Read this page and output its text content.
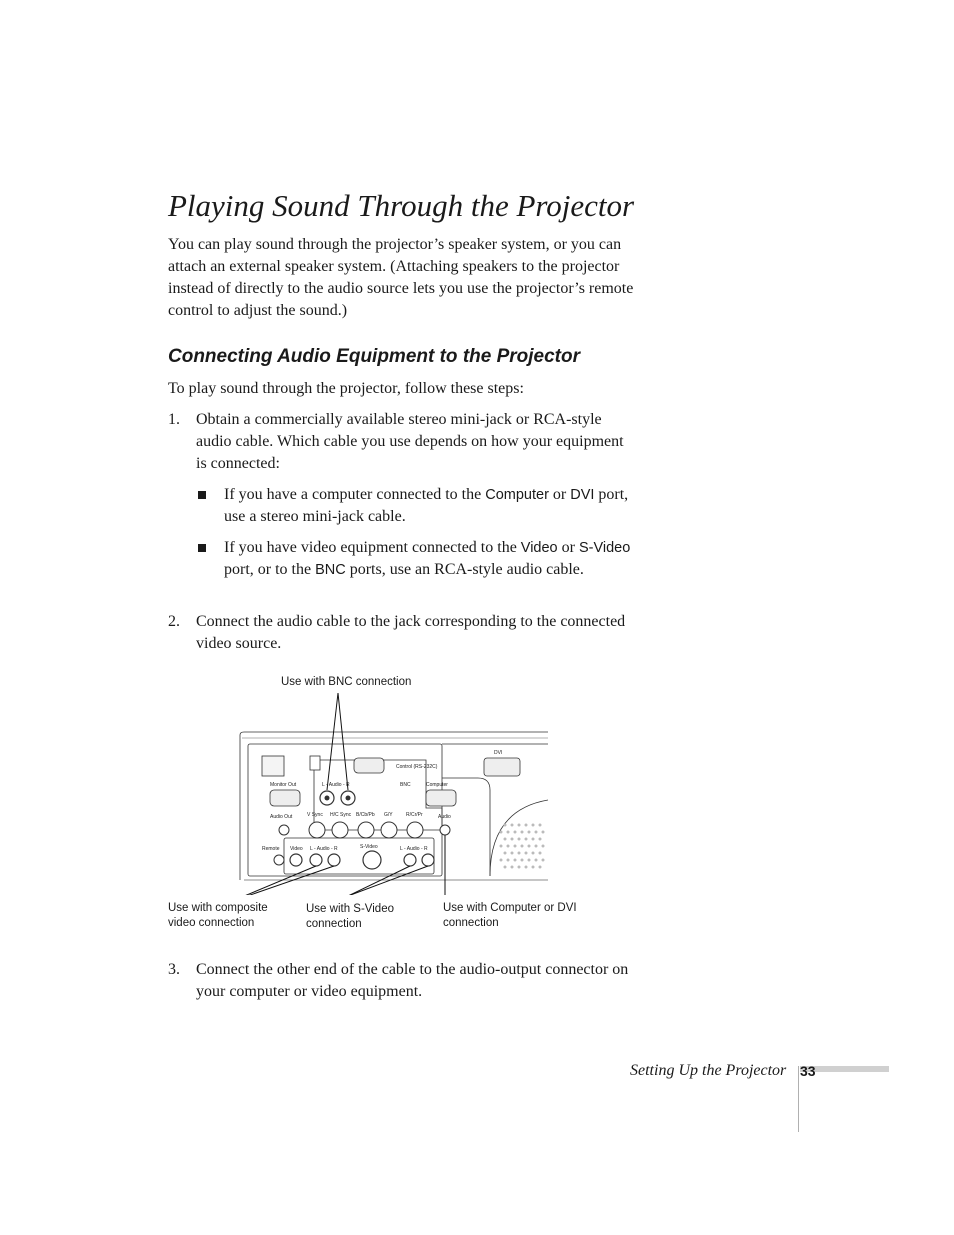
Playing Sound Through the Projector

You can play sound through the projector’s speaker system, or you can attach an external speaker system. (Attaching speakers to the projector instead of directly to the audio source lets you use the projector’s remote control to adjust the sound.)

Connecting Audio Equipment to the Projector

To play sound through the projector, follow these steps:

1. Obtain a commercially available stereo mini-jack or RCA-style audio cable. Which cable you use depends on how your equipment is connected:
If you have a computer connected to the Computer or DVI port, use a stereo mini-jack cable.
If you have video equipment connected to the Video or S-Video port, or to the BNC ports, use an RCA-style audio cable.
2. Connect the audio cable to the jack corresponding to the connected video source.
Use with BNC connection
Monitor Out
Audio Out
Remote Video L - Audio - R	S-Video	L - Audio - R
L - Audio - R
Control (RS-232C)
DVI
Computer
BNC
Audio
V Sync H/C Sync B/Cb/Pb G/Y	R/Cr/Pr
Use with composite
video connection
Use with S-Video
connection
Use with Computer or DVI
connection
3. Connect the other end of the cable to the audio-output connector on your computer or video equipment.
Setting Up the Projector 33
